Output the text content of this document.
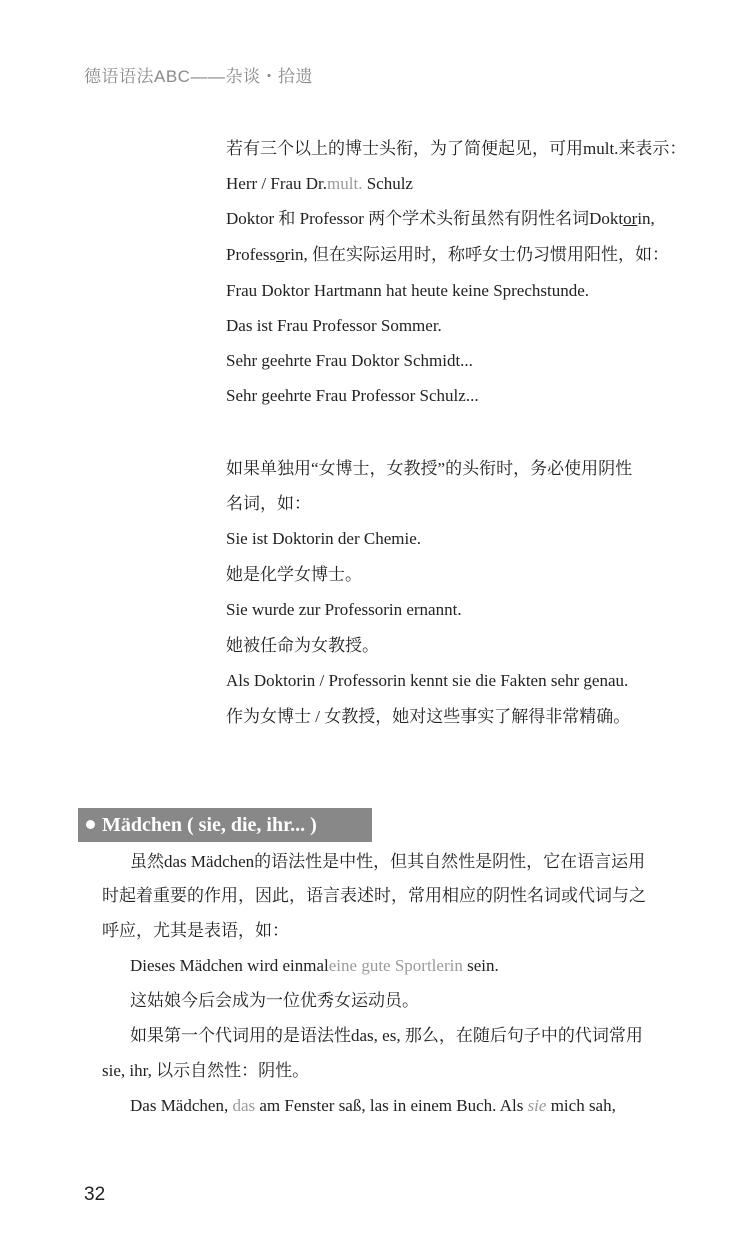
德语语法ABC——杂谈・拾遗
若有三个以上的博士头衔，为了简便起见，可用mult.来表示：
Herr / Frau Dr.mult. Schulz
Doktor 和 Professor 两个学术头衔虽然有阴性名词Doktorin,
Professorin, 但在实际运用时，称呼女士仍习惯用阳性，如：
Frau Doktor Hartmann hat heute keine Sprechstunde.
Das ist Frau Professor Sommer.
Sehr geehrte Frau Doktor Schmidt...
Sehr geehrte Frau Professor Schulz...
如果单独用“女博士，女教授”的头衔时，务必使用阴性
名词，如：
Sie ist Doktorin der Chemie.
她是化学女博士。
Sie wurde zur Professorin ernannt.
她被任命为女教授。
Als Doktorin / Professorin kennt sie die Fakten sehr genau.
作为女博士 / 女教授，她对这些事实了解得非常精确。
Mädchen ( sie, die, ihr... )
虽然das Mädchen的语法性是中性，但其自然性是阴性，它在语言运用
时起着重要的作用，因此，语言表述时，常用相应的阴性名词或代词与之
呼应，尤其是表语，如：
Dieses Mädchen wird einmaleine gute Sportlerin sein.
这姑娘今后会成为一位优秀女运动员。
如果第一个代词用的是语法性das, es, 那么，在随后句子中的代词常用
sie, ihr, 以示自然性：阴性。
Das Mädchen, das am Fenster saß, las in einem Buch. Als sie mich sah,
32
